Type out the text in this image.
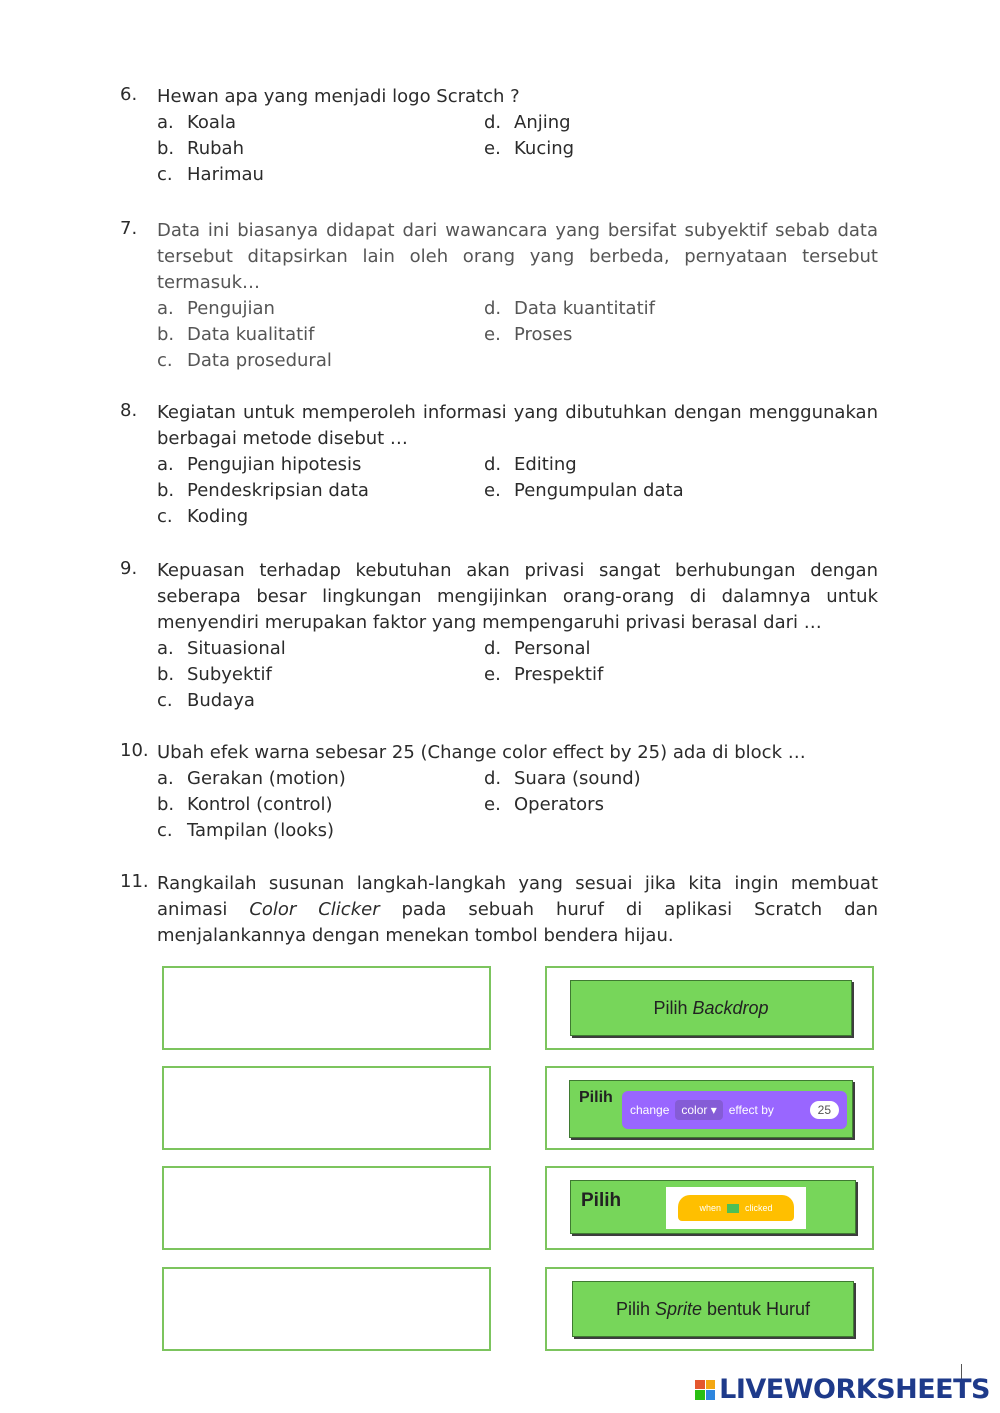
6.	Hewan apa yang menjadi logo Scratch ?
a. Koala
b. Rubah
c. Harimau
d. Anjing
e. Kucing
7.	Data ini biasanya didapat dari wawancara yang bersifat subyektif sebab data tersebut ditapsirkan lain oleh orang yang berbeda, pernyataan tersebut termasuk…
a. Pengujian
b. Data kualitatif
c. Data prosedural
d. Data kuantitatif
e. Proses
8.	Kegiatan untuk memperoleh informasi yang dibutuhkan dengan menggunakan berbagai metode disebut …
a. Pengujian hipotesis
b. Pendeskripsian data
c. Koding
d. Editing
e. Pengumpulan data
9.	Kepuasan terhadap kebutuhan akan privasi sangat berhubungan dengan seberapa besar lingkungan mengijinkan orang-orang di dalamnya untuk menyendiri merupakan faktor yang mempengaruhi privasi berasal dari …
a. Situasional
b. Subyektif
c. Budaya
d. Personal
e. Prespektif
10. Ubah efek warna sebesar 25 (Change color effect by 25) ada di block …
a. Gerakan (motion)
b. Kontrol (control)
c. Tampilan (looks)
d. Suara (sound)
e. Operators
11. Rangkailah susunan langkah-langkah yang sesuai jika kita ingin membuat animasi Color Clicker pada sebuah huruf di aplikasi Scratch dan menjalankannya dengan menekan tombol bendera hijau.
Pilih Backdrop
Pilih
change	color ▾	effect by	25
Pilih	when	clicked
Pilih Sprite bentuk Huruf
LIVEWORKSHEETS
